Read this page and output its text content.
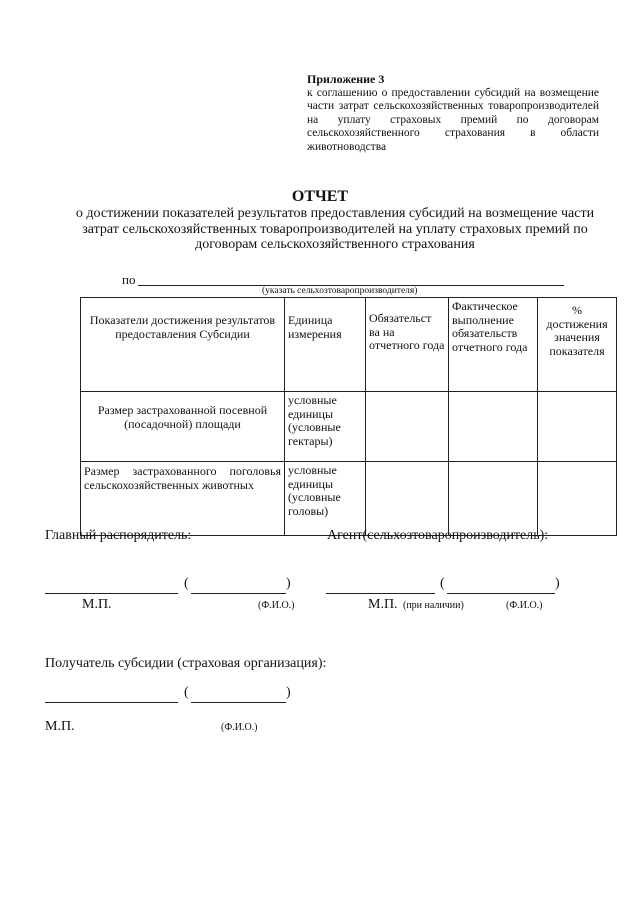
Приложение 3
к соглашению о предоставлении субсидий на возмещение части затрат сельскохозяйственных товаропроизводителей на уплату страховых премий по договорам сельскохозяйственного страхования в области животноводства
ОТЧЕТ
о достижении показателей результатов предоставления субсидий на возмещение части затрат сельскохозяйственных товаропроизводителей на уплату страховых премий по договорам сельскохозяйственного страхования
по
(указать сельхозтоваропроизводителя)
Показатели достижения результатов предоставления Субсидии	Единица измерения	Обязательст ва на отчетного года	Фактическое выполнение обязательств отчетного года	% достижения значения показателя
Размер застрахованной посевной (посадочной) площади	условные единицы (условные гектары)			
Размер застрахованного поголовья сельскохозяйственных животных	условные единицы (условные головы)			
Главный распорядитель:
(	)
М.П.	(Ф.И.О.)
Агент(сельхозтоваропроизводитель):
(	)
М.П. (при наличии)	(Ф.И.О.)
Получатель субсидии (страховая организация):
(	)
М.П.	(Ф.И.О.)
